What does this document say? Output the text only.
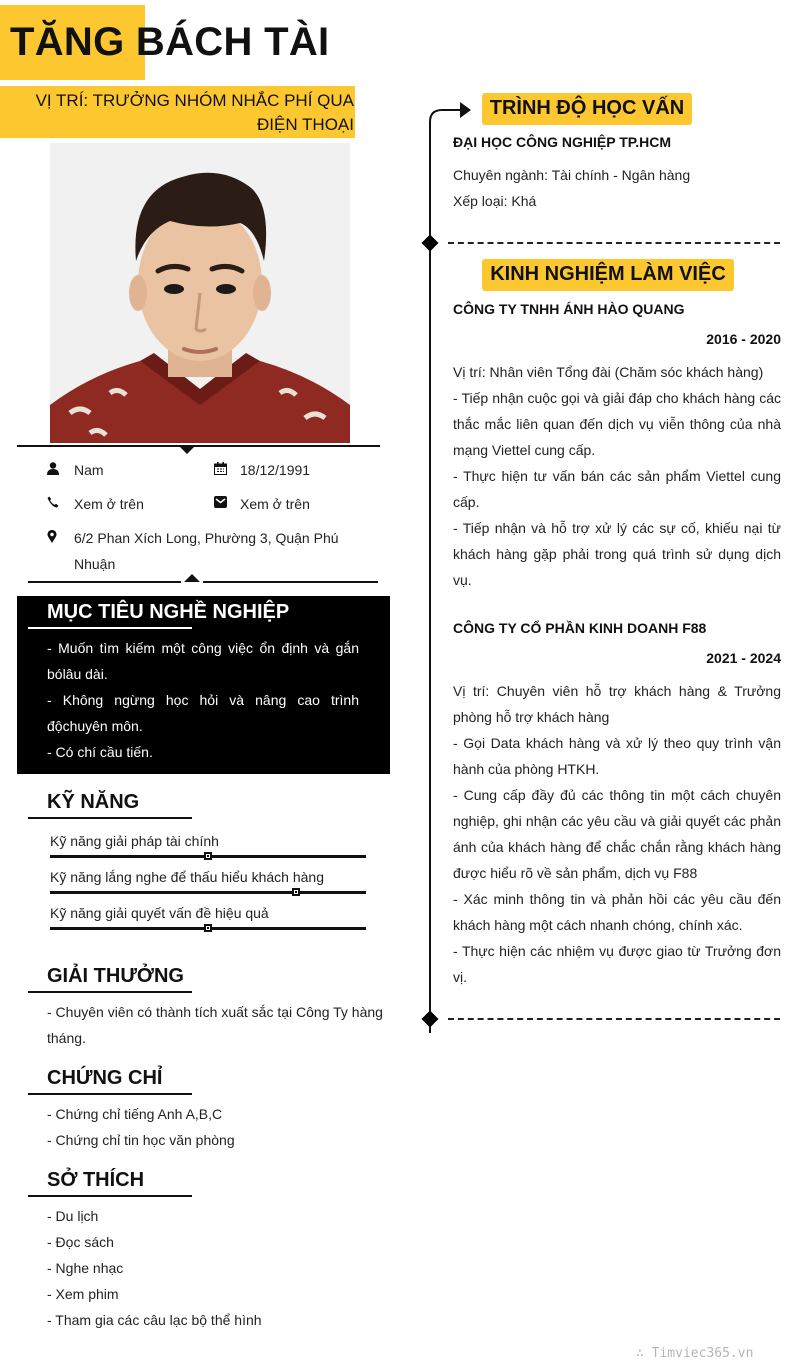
TĂNG BÁCH TÀI
VỊ TRÍ: TRƯỞNG NHÓM NHẮC PHÍ QUA ĐIỆN THOẠI
Nam	18/12/1991
Xem ở trên	Xem ở trên
6/2 Phan Xích Long, Phường 3, Quận Phú Nhuận
MỤC TIÊU NGHỀ NGHIỆP
- Muốn tìm kiếm một công việc ổn định và gắn bólâu dài.
- Không ngừng học hỏi và nâng cao trình độchuyên môn.
- Có chí cầu tiến.
KỸ NĂNG
Kỹ năng giải pháp tài chính
Kỹ năng lắng nghe để thấu hiểu khách hàng
Kỹ năng giải quyết vấn đề hiệu quả
GIẢI THƯỞNG
- Chuyên viên có thành tích xuất sắc tại Công Ty hàng tháng.
CHỨNG CHỈ
- Chứng chỉ tiếng Anh A,B,C
- Chứng chỉ tin học văn phòng
SỞ THÍCH
- Du lịch
- Đọc sách
- Nghe nhạc
- Xem phim
- Tham gia các câu lạc bộ thể hình
TRÌNH ĐỘ HỌC VẤN
ĐẠI HỌC CÔNG NGHIỆP TP.HCM
Chuyên ngành: Tài chính - Ngân hàng
Xếp loại: Khá
KINH NGHIỆM LÀM VIỆC
CÔNG TY TNHH ÁNH HÀO QUANG
2016 - 2020
Vị trí: Nhân viên Tổng đài (Chăm sóc khách hàng)
- Tiếp nhận cuộc gọi và giải đáp cho khách hàng các thắc mắc liên quan đến dịch vụ viễn thông của nhà mạng Viettel cung cấp.
- Thực hiện tư vấn bán các sản phẩm Viettel cung cấp.
- Tiếp nhận và hỗ trợ xử lý các sự cố, khiếu nại từ khách hàng gặp phải trong quá trình sử dụng dịch vụ.
CÔNG TY CỔ PHẦN KINH DOANH F88
2021 - 2024
Vị trí: Chuyên viên hỗ trợ khách hàng & Trưởng phòng hỗ trợ khách hàng
- Gọi Data khách hàng và xử lý theo quy trình vận hành của phòng HTKH.
- Cung cấp đầy đủ các thông tin một cách chuyên nghiệp, ghi nhận các yêu cầu và giải quyết các phản ánh của khách hàng để chắc chắn rằng khách hàng được hiểu rõ về sản phẩm, dịch vụ F88
- Xác minh thông tin và phản hồi các yêu cầu đến khách hàng một cách nhanh chóng, chính xác.
- Thực hiện các nhiệm vụ được giao từ Trưởng đơn vị.
∴ Timviec365.vn
